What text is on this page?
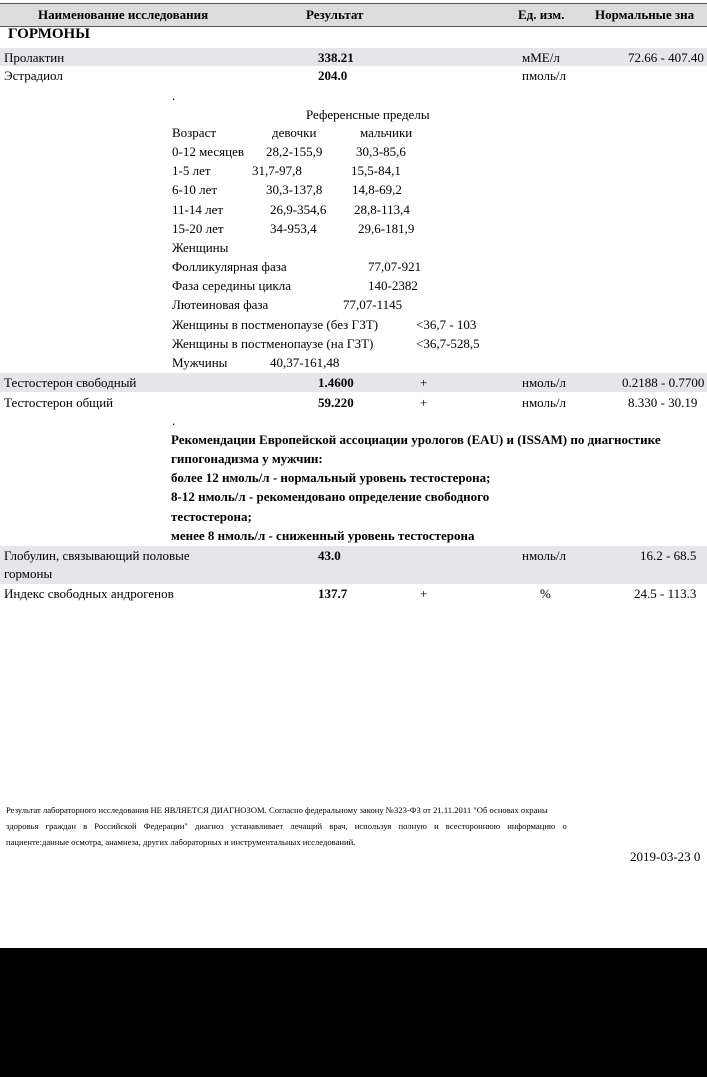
Наименование исследования	Результат	Ед. изм. Нормальные зна
ГОРМОНЫ
Пролактин	338.21	мМЕ/л	72.66 - 407.40
Эстрадиол	204.0	пмоль/л
.
Референсные пределы
Возраст	девочки	мальчики
0-12 месяцев 28,2-155,9	30,3-85,6
1-5 лет	31,7-97,8	15,5-84,1
6-10 лет	30,3-137,8 14,8-69,2
11-14 лет	26,9-354,6 28,8-113,4
15-20 лет	34-953,4	29,6-181,9
Женщины
Фолликулярная фаза	77,07-921
Фаза середины цикла	140-2382
Лютеиновая фаза	77,07-1145
Женщины в постменопаузе (без ГЗТ)	<36,7 - 103
Женщины в постменопаузе (на ГЗТ)	<36,7-528,5
Мужчины	40,37-161,48
Тестостерон свободный	1.4600	+	нмоль/л	0.2188 - 0.7700
Тестостерон общий	59.220	+	нмоль/л	8.330 - 30.19
.
Рекомендации Европейской ассоциации урологов (EAU) и (ISSAM) по диагностике
гипогонадизма у мужчин:
более 12 нмоль/л - нормальный уровень тестостерона;
8-12 нмоль/л - рекомендовано определение свободного
тестостерона;
менее 8 нмоль/л - сниженный уровень тестостерона
Глобулин, связывающий половые
гормоны
43.0	нмоль/л	16.2 - 68.5
Индекс свободных андрогенов	137.7	+	%	24.5 - 113.3
Результат лабораторного исследования НЕ ЯВЛЯЕТСЯ ДИАГНОЗОМ. Согласно федеральному закону №323-ФЗ от 21.11.2011 "Об основах охраны
здоровья граждан в Российской Федерации" диагноз устанавливает лечащий врач, используя полную и всестороннюю информацию о
пациенте:данные осмотра, анамнеза, других лабораторных и инструментальных исследований.
2019-03-23 0
